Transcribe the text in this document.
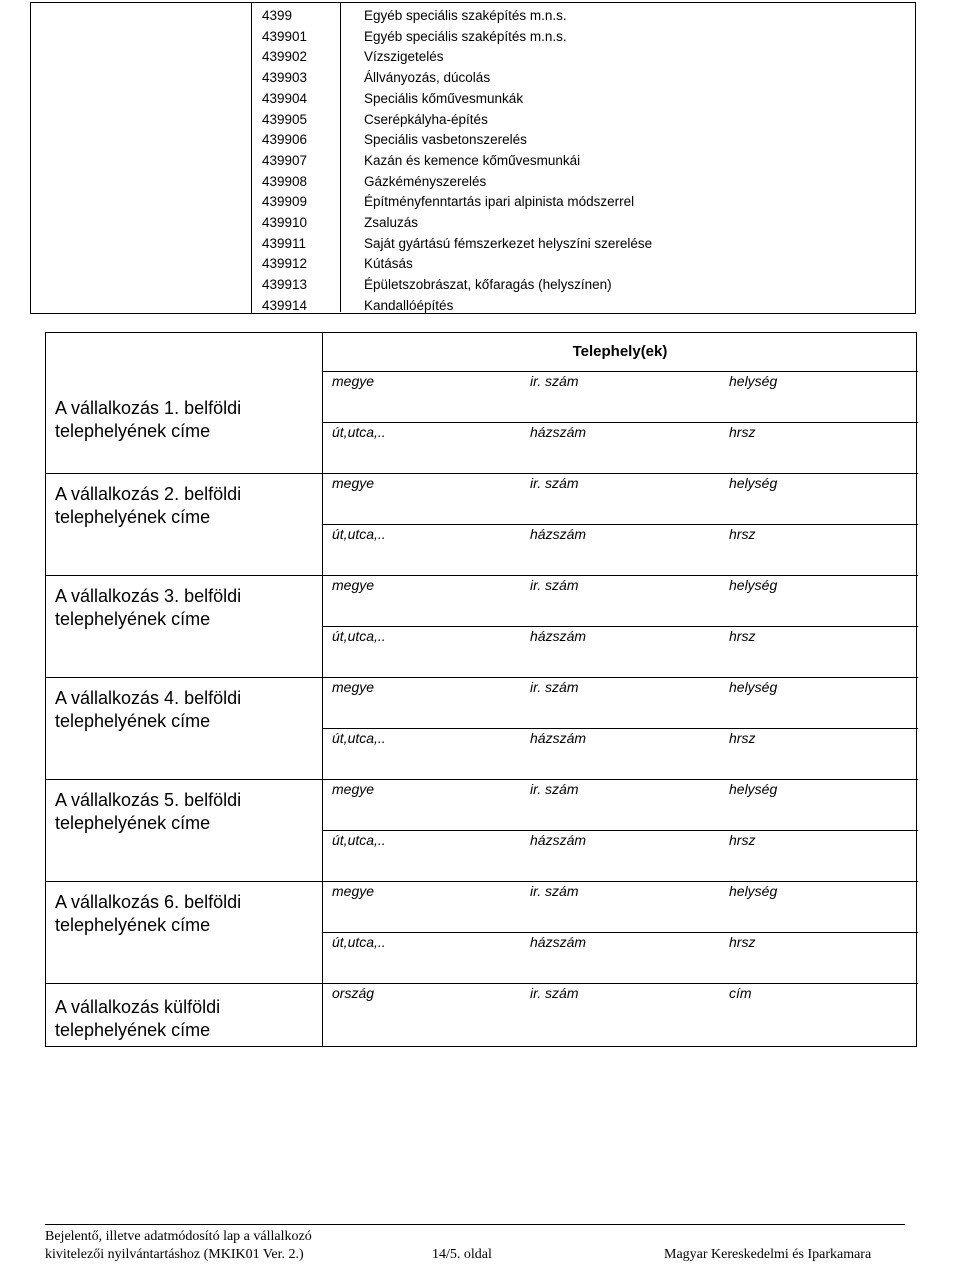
4399	Egyéb speciális szaképítés m.n.s.
439901	Egyéb speciális szaképítés m.n.s.
439902	Vízszigetelés
439903	Állványozás, dúcolás
439904	Speciális kőművesmunkák
439905	Cserépkályha-építés
439906	Speciális vasbetonszerelés
439907	Kazán és kemence kőművesmunkái
439908	Gázkéményszerelés
439909	Építményfenntartás ipari alpinista módszerrel
439910	Zsaluzás
439911	Saját gyártású fémszerkezet helyszíni szerelése
439912	Kútásás
439913	Épületszobrászat, kőfaragás (helyszínen)
439914	Kandallóépítés
Telephely(ek)
A vállalkozás 1. belföldi
telephelyének címe
megye	ir. szám	helység
út,utca,..	házszám	hrsz
A vállalkozás 2. belföldi
telephelyének címe
megye	ir. szám	helység
út,utca,..	házszám	hrsz
A vállalkozás 3. belföldi
telephelyének címe
megye	ir. szám	helység
út,utca,..	házszám	hrsz
A vállalkozás 4. belföldi
telephelyének címe
megye	ir. szám	helység
út,utca,..	házszám	hrsz
A vállalkozás 5. belföldi
telephelyének címe
megye	ir. szám	helység
út,utca,..	házszám	hrsz
A vállalkozás 6. belföldi
telephelyének címe
megye	ir. szám	helység
út,utca,..	házszám	hrsz
A vállalkozás külföldi
telephelyének címe
ország	ir. szám	cím
Bejelentő, illetve adatmódosító lap a vállalkozó
kivitelezői nyilvántartáshoz (MKIK01 Ver. 2.)	14/5. oldal	Magyar Kereskedelmi és Iparkamara
